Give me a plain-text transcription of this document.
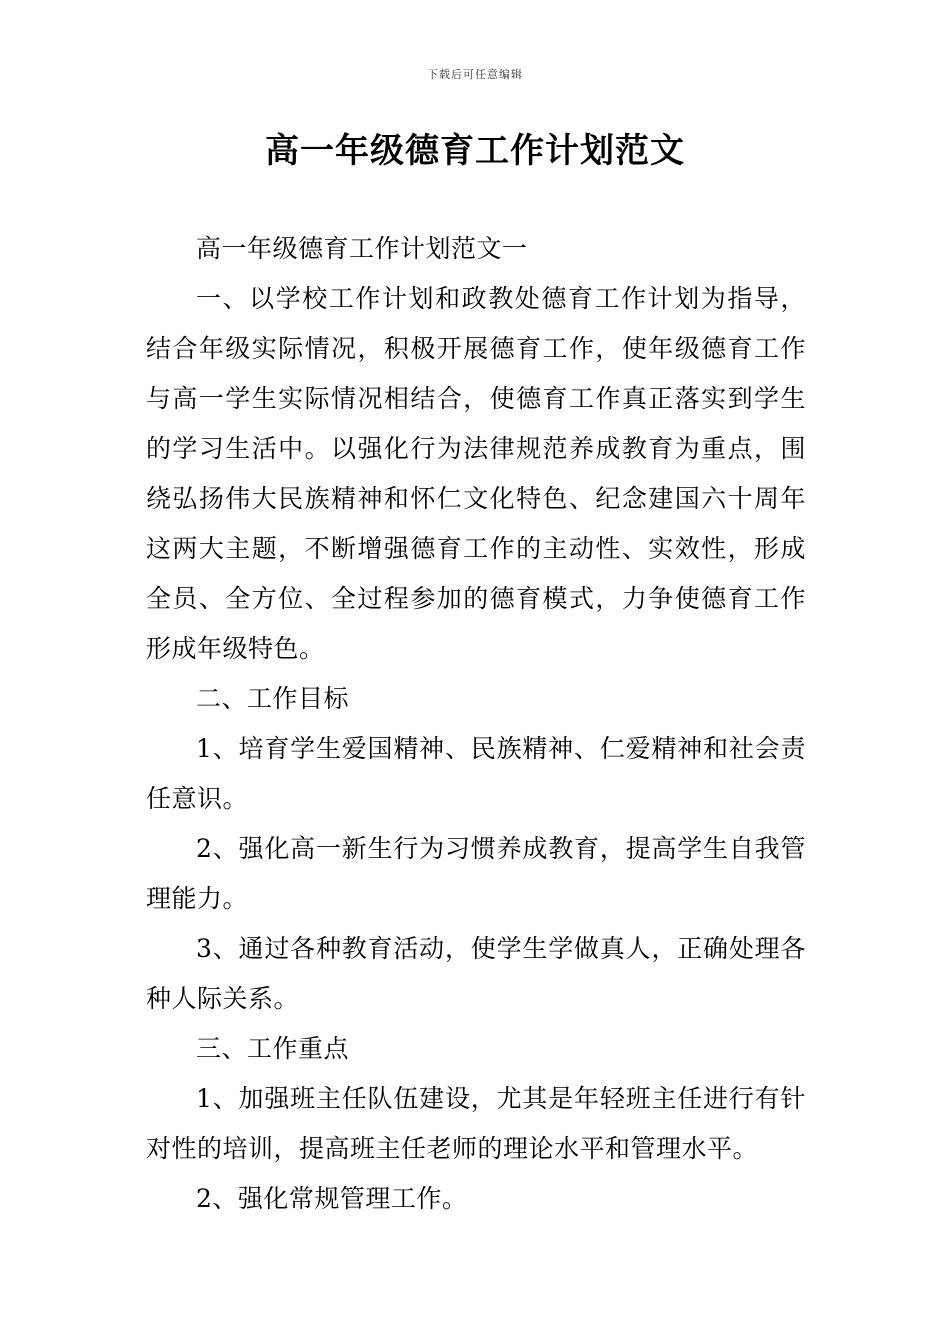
下载后可任意编辑
高一年级德育工作计划范文

高一年级德育工作计划范文一

一、以学校工作计划和政教处德育工作计划为指导，结合年级实际情况，积极开展德育工作，使年级德育工作与高一学生实际情况相结合，使德育工作真正落实到学生的学习生活中。以强化行为法律规范养成教育为重点，围绕弘扬伟大民族精神和怀仁文化特色、纪念建国六十周年这两大主题，不断增强德育工作的主动性、实效性，形成全员、全方位、全过程参加的德育模式，力争使德育工作形成年级特色。

二、工作目标

1、培育学生爱国精神、民族精神、仁爱精神和社会责任意识。

2、强化高一新生行为习惯养成教育，提高学生自我管理能力。

3、通过各种教育活动，使学生学做真人，正确处理各种人际关系。

三、工作重点

1、加强班主任队伍建设，尤其是年轻班主任进行有针对性的培训，提高班主任老师的理论水平和管理水平。

2、强化常规管理工作。
